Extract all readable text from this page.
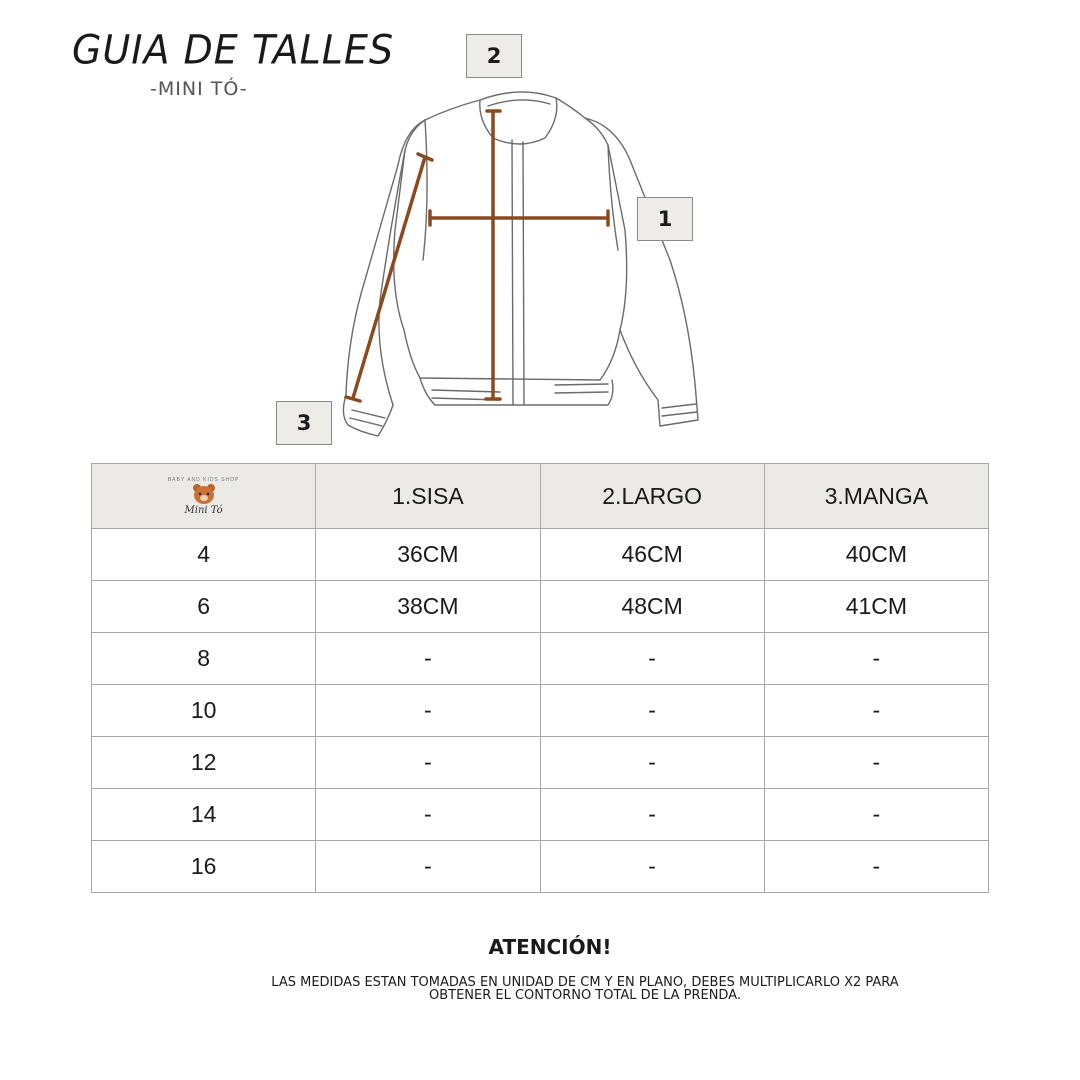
GUIA DE TALLES
-MINI TÓ-
2
1
3
BABY AND KIDS SHOP
Mini Tó	1.SISA	2.LARGO	3.MANGA
4	36CM	46CM	40CM
6	38CM	48CM	41CM
8	-	-	-
10	-	-	-
12	-	-	-
14	-	-	-
16	-	-	-
ATENCIÓN!
LAS MEDIDAS ESTAN TOMADAS EN UNIDAD DE CM Y EN PLANO, DEBES MULTIPLICARLO X2 PARA
OBTENER EL CONTORNO TOTAL DE LA PRENDA.
